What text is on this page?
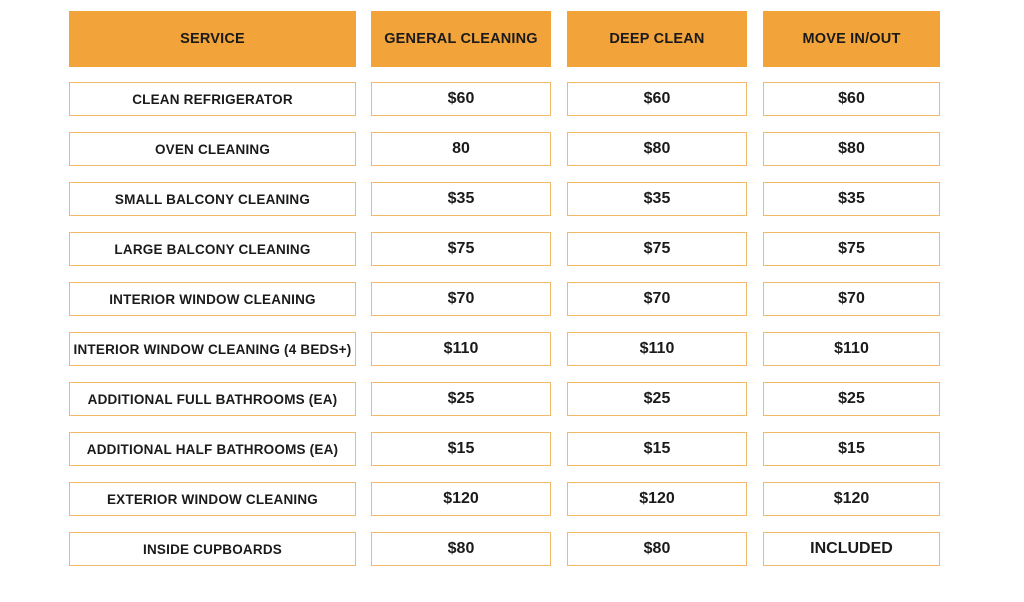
SERVICE
CLEAN REFRIGERATOR
OVEN CLEANING
SMALL BALCONY CLEANING
LARGE BALCONY CLEANING
INTERIOR WINDOW CLEANING
INTERIOR WINDOW CLEANING (4 BEDS+)
ADDITIONAL FULL BATHROOMS (EA)
ADDITIONAL HALF BATHROOMS (EA)
EXTERIOR WINDOW CLEANING
INSIDE CUPBOARDS
GENERAL CLEANING
$60
80
$35
$75
$70
$110
$25
$15
$120
$80
DEEP CLEAN
$60
$80
$35
$75
$70
$110
$25
$15
$120
$80
MOVE IN/OUT
$60
$80
$35
$75
$70
$110
$25
$15
$120
INCLUDED
